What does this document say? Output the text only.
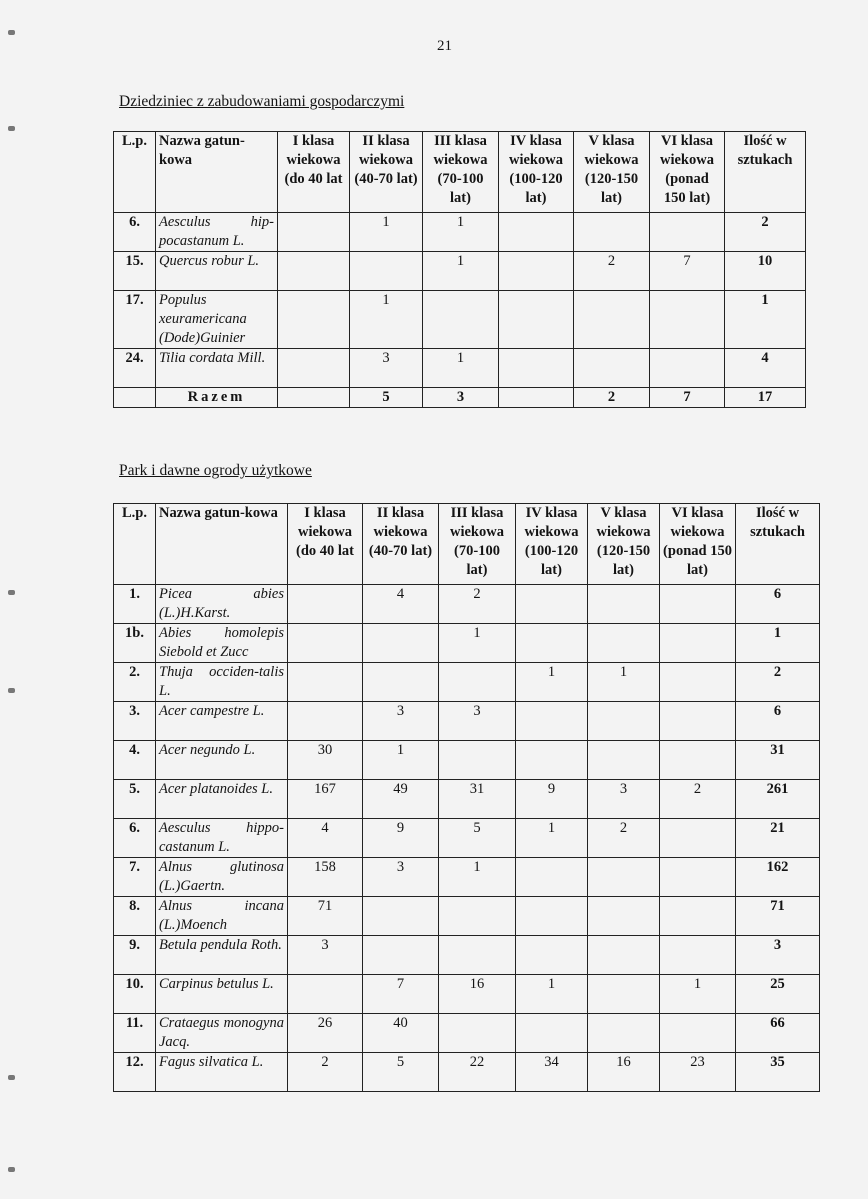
21
Dziedziniec z zabudowaniami gospodarczymi
L.p.	Nazwa gatun-kowa	I klasa wiekowa (do 40 lat	II klasa wiekowa (40-70 lat)	III klasa wiekowa (70-100 lat)	IV klasa wiekowa (100-120 lat)	V klasa wiekowa (120-150 lat)	VI klasa wiekowa (ponad 150 lat)	Ilość w sztukach
6.	Aesculus hip-pocastanum L.		1	1				2
15.	Quercus robur L.			1		2	7	10
17.	Populus xeuramericana (Dode)Guinier		1					1
24.	Tilia cordata Mill.		3	1				4
	Razem		5	3		2	7	17
Park i dawne ogrody użytkowe
L.p.	Nazwa gatun-kowa	I klasa wiekowa (do 40 lat	II klasa wiekowa (40-70 lat)	III klasa wiekowa (70-100 lat)	IV klasa wiekowa (100-120 lat)	V klasa wiekowa (120-150 lat)	VI klasa wiekowa (ponad 150 lat)	Ilość w sztukach
1.	Picea abies (L.)H.Karst.		4	2				6
1b.	Abies homolepis Siebold et Zucc			1				1
2.	Thuja occiden-talis L.				1	1		2
3.	Acer campestre L.		3	3				6
4.	Acer negundo L.	30	1					31
5.	Acer platanoides L.	167	49	31	9	3	2	261
6.	Aesculus hippo-castanum L.	4	9	5	1	2		21
7.	Alnus glutinosa (L.)Gaertn.	158	3	1				162
8.	Alnus incana (L.)Moench	71						71
9.	Betula pendula Roth.	3						3
10.	Carpinus betulus L.		7	16	1		1	25
11.	Crataegus monogyna Jacq.	26	40					66
12.	Fagus silvatica L.	2	5	22	34	16	23	35
